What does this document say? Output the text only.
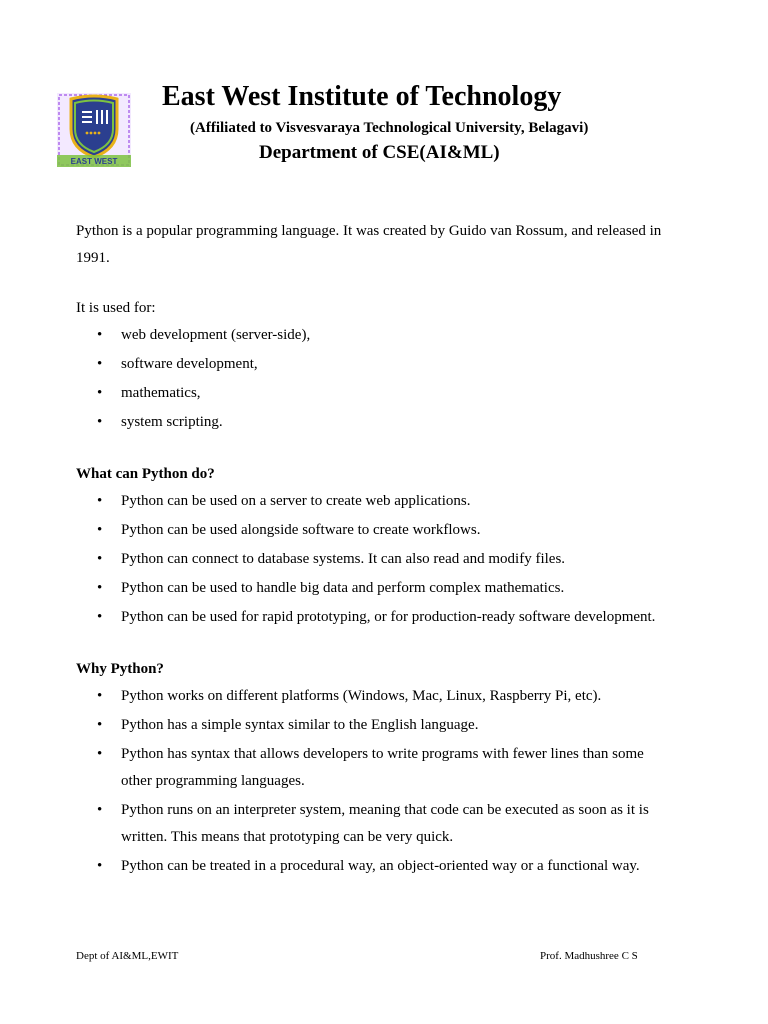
EAST WEST
East West Institute of Technology
(Affiliated to Visvesvaraya Technological University, Belagavi)
Department of CSE(AI&ML)

Python is a popular programming language. It was created by Guido van Rossum, and released in 1991.

It is used for:

• web development (server-side),
• software development,
• mathematics,
• system scripting.

What can Python do?

• Python can be used on a server to create web applications.
• Python can be used alongside software to create workflows.
• Python can connect to database systems. It can also read and modify files.
• Python can be used to handle big data and perform complex mathematics.
• Python can be used for rapid prototyping, or for production-ready software development.

Why Python?

• Python works on different platforms (Windows, Mac, Linux, Raspberry Pi, etc).
• Python has a simple syntax similar to the English language.
• Python has syntax that allows developers to write programs with fewer lines than some other programming languages.
• Python runs on an interpreter system, meaning that code can be executed as soon as it is written. This means that prototyping can be very quick.
• Python can be treated in a procedural way, an object-oriented way or a functional way.
Dept of AI&ML,EWIT	Prof. Madhushree C S
